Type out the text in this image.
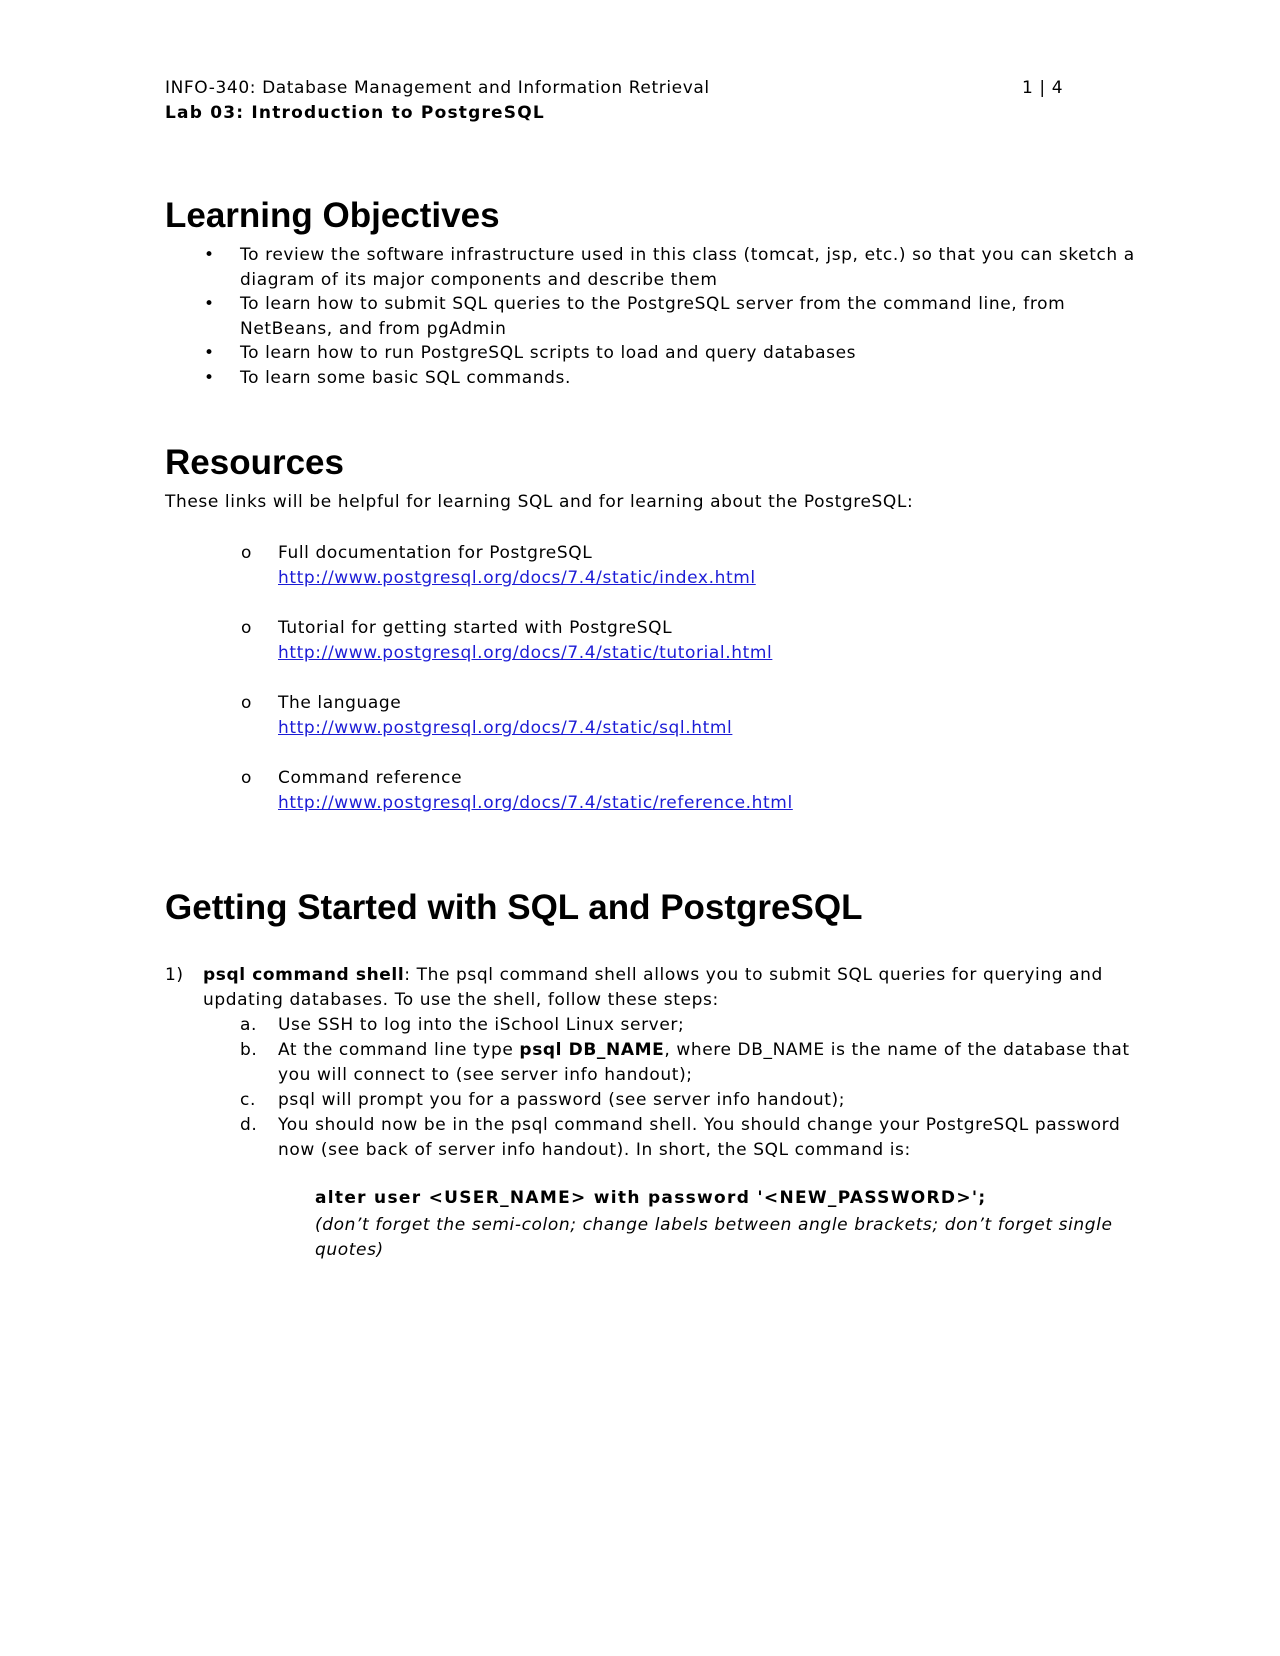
INFO-340: Database Management and Information Retrieval	1 | 4
Lab 03: Introduction to PostgreSQL
Learning Objectives
• To review the software infrastructure used in this class (tomcat, jsp, etc.) so that you can sketch a diagram of its major components and describe them
• To learn how to submit SQL queries to the PostgreSQL server from the command line, from NetBeans, and from pgAdmin
• To learn how to run PostgreSQL scripts to load and query databases
• To learn some basic SQL commands.
Resources
These links will be helpful for learning SQL and for learning about the PostgreSQL:
o Full documentation for PostgreSQL
http://www.postgresql.org/docs/7.4/static/index.html
o Tutorial for getting started with PostgreSQL
http://www.postgresql.org/docs/7.4/static/tutorial.html
o The language
http://www.postgresql.org/docs/7.4/static/sql.html
o Command reference
http://www.postgresql.org/docs/7.4/static/reference.html
Getting Started with SQL and PostgreSQL
1) psql command shell: The psql command shell allows you to submit SQL queries for querying and updating databases. To use the shell, follow these steps:
a. Use SSH to log into the iSchool Linux server;
b. At the command line type psql DB_NAME, where DB_NAME is the name of the database that you will connect to (see server info handout);
c. psql will prompt you for a password (see server info handout);
d. You should now be in the psql command shell. You should change your PostgreSQL password now (see back of server info handout). In short, the SQL command is:
alter user <USER_NAME> with password '<NEW_PASSWORD>';
(don’t forget the semi-colon; change labels between angle brackets; don’t forget single quotes)
